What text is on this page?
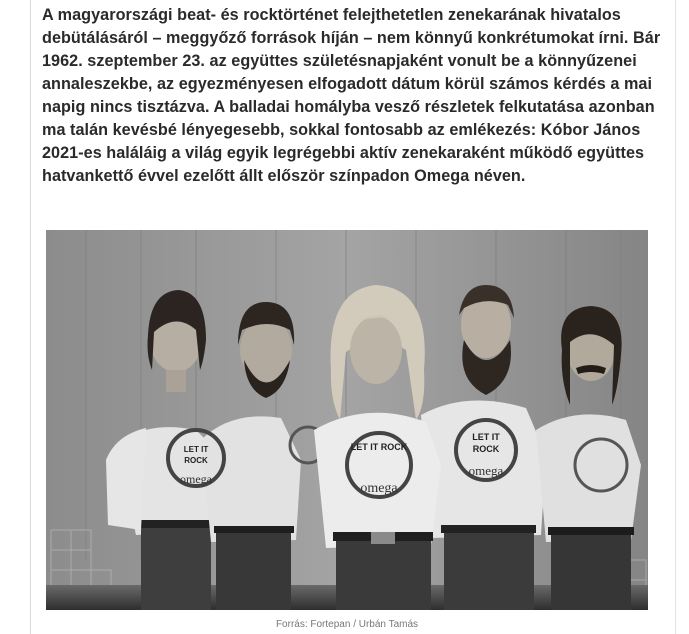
A magyarországi beat- és rocktörténet felejthetetlen zenekarának hivatalos debütálásáról – meggyőző források híján – nem könnyű konkrétumokat írni. Bár 1962. szeptember 23. az együttes születésnapjaként vonult be a könnyűzenei annaleszekbe, az egyezményesen elfogadott dátum körül számos kérdés a mai napig nincs tisztázva. A balladai homályba vesző részletek felkutatása azonban ma talán kevésbé lényegesebb, sokkal fontosabb az emlékezés: Kóbor János 2021-es haláláig a világ egyik legrégebbi aktív zenekaraként működő együttes hatvankettő évvel ezelőtt állt először színpadon Omega néven.

LET IT
ROCK
omega
LET IT ROCK
omega
LET IT
ROCK
omega
Forrás: Fortepan / Urbán Tamás
